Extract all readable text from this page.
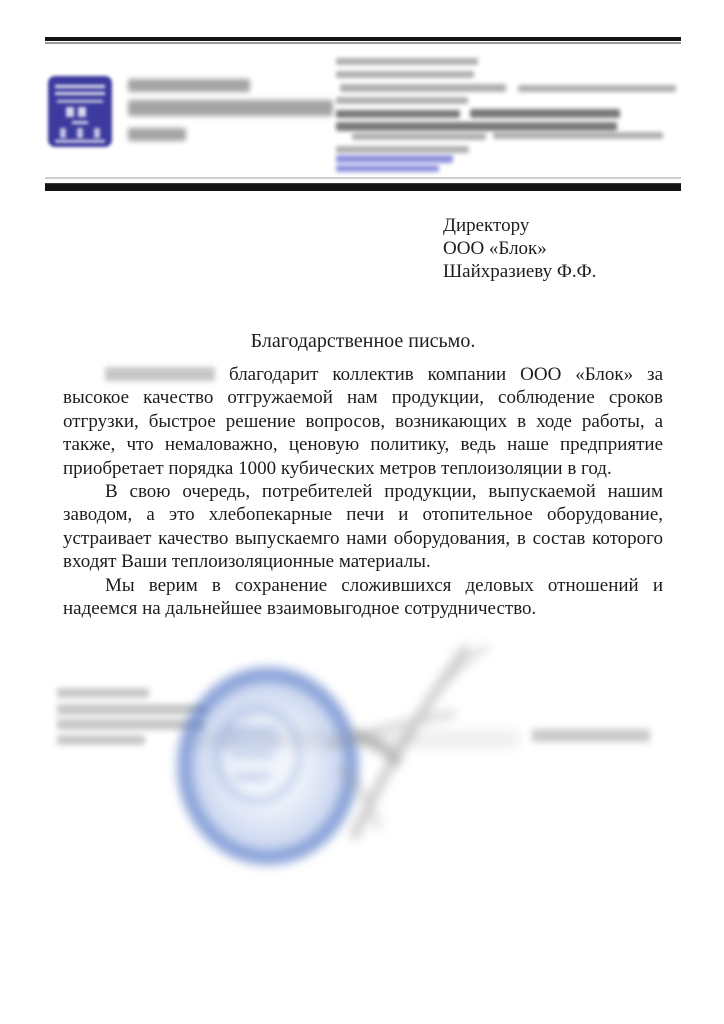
Директору
ООО «Блок»
Шайхразиеву Ф.Ф.
Благодарственное письмо.

благодарит коллектив компании ООО «Блок» за высокое качество отгружаемой нам продукции, соблюдение сроков отгрузки, быстрое решение вопросов, возникающих в ходе работы, а также, что немаловажно, ценовую политику, ведь наше предприятие приобретает порядка 1000 кубических метров теплоизоляции в год.

В свою очередь, потребителей продукции, выпускаемой нашим заводом, а это хлебопекарные печи и отопительное оборудование, устраивает качество выпускаемго нами оборудования, в состав которого входят Ваши теплоизоляционные материалы.

Мы верим в сохранение сложившихся деловых отношений и надеемся на дальнейшее взаимовыгодное сотрудничество.
